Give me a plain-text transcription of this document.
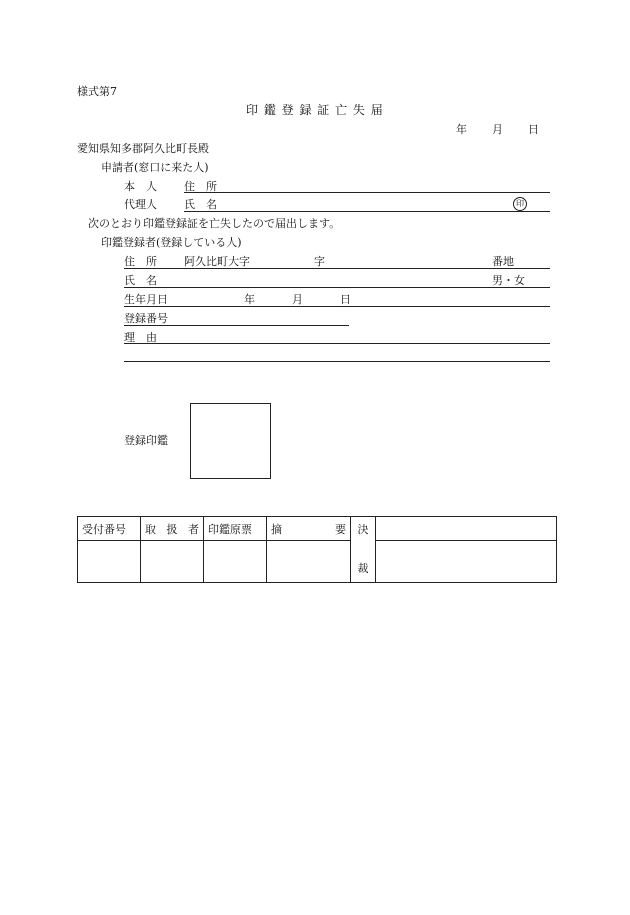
様式第7
印 鑑 登 録 証 亡 失 届
年 月 日
愛知県知多郡阿久比町長殿
申請者(窓口に来た人)
本　人 住　所
代理人 氏　名	印
次のとおり印鑑登録証を亡失したので届出します。
印鑑登録者(登録している人)
住　所 阿久比町大字	字	番地
氏　名	男・女
生年月日	年	月	日
登録番号
理　由
登録印鑑
受付番号	取 扱 者	印鑑原票	摘 要	決	
				裁	
